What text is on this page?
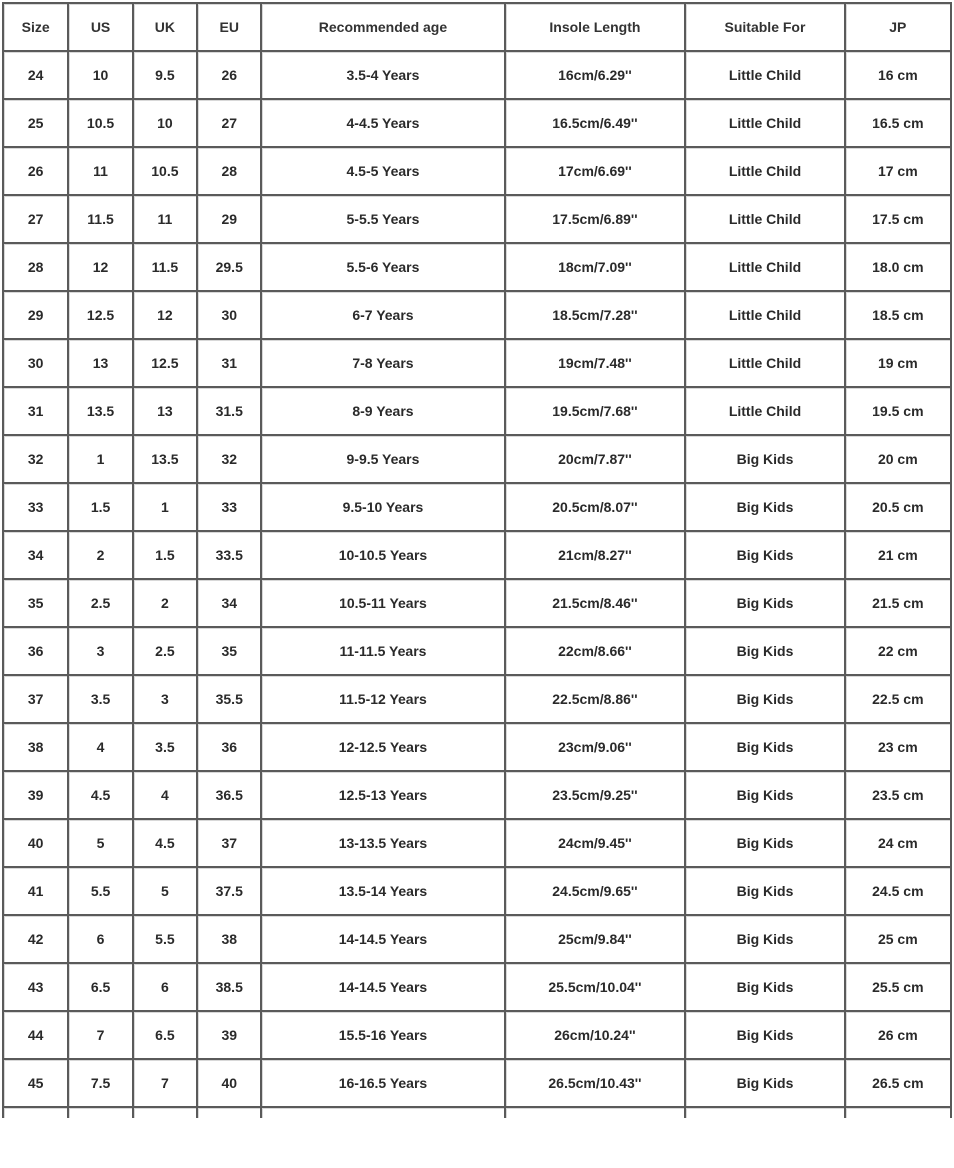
Size	US	UK	EU	Recommended age	Insole Length	Suitable For	JP
24	10	9.5	26	3.5-4 Years	16cm/6.29''	Little Child	16 cm
25	10.5	10	27	4-4.5 Years	16.5cm/6.49''	Little Child	16.5 cm
26	11	10.5	28	4.5-5 Years	17cm/6.69''	Little Child	17 cm
27	11.5	11	29	5-5.5 Years	17.5cm/6.89''	Little Child	17.5 cm
28	12	11.5	29.5	5.5-6 Years	18cm/7.09''	Little Child	18.0 cm
29	12.5	12	30	6-7 Years	18.5cm/7.28''	Little Child	18.5 cm
30	13	12.5	31	7-8 Years	19cm/7.48''	Little Child	19 cm
31	13.5	13	31.5	8-9 Years	19.5cm/7.68''	Little Child	19.5 cm
32	1	13.5	32	9-9.5 Years	20cm/7.87''	Big Kids	20 cm
33	1.5	1	33	9.5-10 Years	20.5cm/8.07''	Big Kids	20.5 cm
34	2	1.5	33.5	10-10.5 Years	21cm/8.27''	Big Kids	21 cm
35	2.5	2	34	10.5-11 Years	21.5cm/8.46''	Big Kids	21.5 cm
36	3	2.5	35	11-11.5 Years	22cm/8.66''	Big Kids	22 cm
37	3.5	3	35.5	11.5-12 Years	22.5cm/8.86''	Big Kids	22.5 cm
38	4	3.5	36	12-12.5 Years	23cm/9.06''	Big Kids	23 cm
39	4.5	4	36.5	12.5-13 Years	23.5cm/9.25''	Big Kids	23.5 cm
40	5	4.5	37	13-13.5 Years	24cm/9.45''	Big Kids	24 cm
41	5.5	5	37.5	13.5-14 Years	24.5cm/9.65''	Big Kids	24.5 cm
42	6	5.5	38	14-14.5 Years	25cm/9.84''	Big Kids	25 cm
43	6.5	6	38.5	14-14.5 Years	25.5cm/10.04''	Big Kids	25.5 cm
44	7	6.5	39	15.5-16 Years	26cm/10.24''	Big Kids	26 cm
45	7.5	7	40	16-16.5 Years	26.5cm/10.43''	Big Kids	26.5 cm
